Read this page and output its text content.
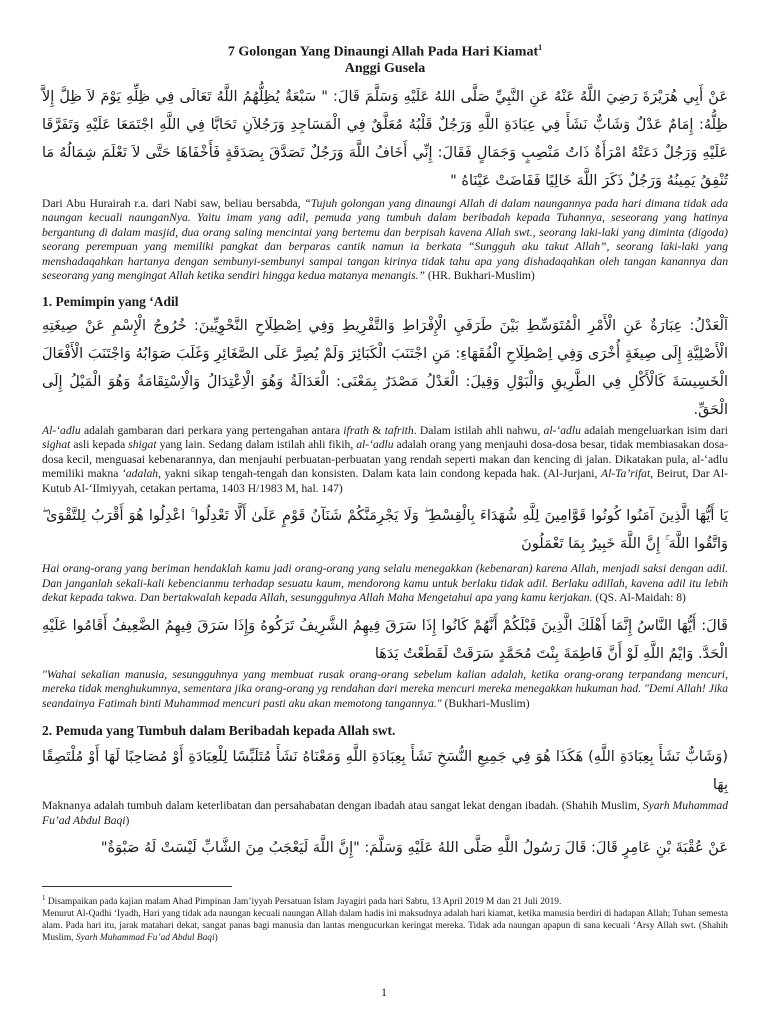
7 Golongan Yang Dinaungi Allah Pada Hari Kiamat$^1$
Anggi Gusela

عَنْ أَبِي هُرَيْرَةَ رَضِيَ اللَّهُ عَنْهُ عَنِ النَّبِيِّ صَلَّى اللهُ عَلَيْهِ وَسَلَّمَ قَالَ: " سَبْعَةٌ يُظِلُّهُمُ اللَّهُ تَعَالَى فِي ظِلِّهِ يَوْمَ لاَ ظِلَّ إِلاَّ ظِلُّهُ: إِمَامٌ عَدْلٌ وَشَابٌّ نَشَأَ فِي عِبَادَةِ اللَّهِ وَرَجُلٌ قَلْبُهُ مُعَلَّقٌ فِي الْمَسَاجِدِ وَرَجُلاَنِ تَحَابَّا فِي اللَّهِ اجْتَمَعَا عَلَيْهِ وَتَفَرَّقَا عَلَيْهِ وَرَجُلٌ دَعَتْهُ امْرَأَةٌ ذَاتُ مَنْصِبٍ وَجَمَالٍ فَقَالَ: إِنِّي أَخَافُ اللَّهَ وَرَجُلٌ تَصَدَّقَ بِصَدَقَةٍ فَأَخْفَاهَا حَتَّى لاَ تَعْلَمَ شِمَالُهُ مَا تُنْفِقُ يَمِينُهُ وَرَجُلٌ ذَكَرَ اللَّهَ خَالِيًا فَفَاضَتْ عَيْنَاهُ "

Dari Abu Hurairah r.a. dari Nabi saw, beliau bersabda, “Tujuh golongan yang dinaungi Allah di dalam naungannya pada hari dimana tidak ada naungan kecuali naunganNya. Yaitu imam yang adil, pemuda yang tumbuh dalam beribadah kepada Tuhannya, seseorang yang hatinya bergantung di dalam masjid, dua orang saling mencintai yang bertemu dan berpisah kavena Allah swt., seorang laki-laki yang diminta (digoda) seorang perempuan yang memiliki pangkat dan berparas cantik namun ia berkata “Sungguh aku takut Allah”, seorang laki-laki yang menshadaqahkan hartanya dengan sembunyi-sembunyi sampai tangan kirinya tidak tahu apa yang dishadaqahkan oleh tangan kanannya dan seseorang yang mengingat Allah ketika sendiri hingga kedua matanya menangis.” (HR. Bukhari-Muslim)

1. Pemimpin yang ‘Adil

اَلْعَدْلُ: عِبَارَةٌ عَنِ الْأَمْرِ الْمُتَوَسِّطِ بَيْنَ طَرَفَيِ الْإِفْرَاطِ وَالتَّفْرِيطِ وَفِي اِصْطِلَاحِ النَّحْوِيِّينَ: خُرُوجُ الْإِسْمِ عَنْ صِيغَتِهِ الْأَصْلِيَّةِ إِلَى صِيغَةٍ أُخْرَى وَفِي اِصْطِلَاحِ الْفُقَهَاءِ: مَنِ اجْتَنَبَ الْكَبَائِرَ وَلَمْ يُصِرَّ عَلَى الصَّغَائِرِ وَغَلَبَ صَوَابُهُ وَاجْتَنَبَ الْأَفْعَالَ الْخَسِيسَةَ كَالْأَكْلِ فِي الطَّرِيقِ وَالْبَوْلِ وَقِيلَ: الْعَدْلُ مَصْدَرٌ بِمَعْنَى: الْعَدَالَةُ وَهُوَ الْاِعْتِدَالُ وَالْاِسْتِقَامَةُ وَهُوَ الْمَيْلُ إِلَى الْحَقِّ.

Al-‘adlu adalah gambaran dari perkara yang pertengahan antara ifrath & tafrith. Dalam istilah ahli nahwu, al-‘adlu adalah mengeluarkan isim dari sighat asli kepada shigat yang lain. Sedang dalam istilah ahli fikih, al-‘adlu adalah orang yang menjauhi dosa-dosa besar, tidak membiasakan dosa-dosa kecil, menguasai kebenarannya, dan menjauhi perbuatan-perbuatan yang rendah seperti makan dan kencing di jalan. Dikatakan pula, al-‘adlu memiliki makna ‘adalah, yakni sikap tengah-tengah dan konsisten. Dalam kata lain condong kepada hak. (Al-Jurjani, Al-Ta’rifat, Beirut, Dar Al-Kutub Al-‘Ilmiyyah, cetakan pertama, 1403 H/1983 M, hal. 147)

يَا أَيُّهَا الَّذِينَ آمَنُوا كُونُوا قَوَّامِينَ لِلَّهِ شُهَدَاءَ بِالْقِسْطِ ۖ وَلَا يَجْرِمَنَّكُمْ شَنَآنُ قَوْمٍ عَلَىٰ أَلَّا تَعْدِلُوا ۚ اعْدِلُوا هُوَ أَقْرَبُ لِلتَّقْوَىٰ ۖ وَاتَّقُوا اللَّهَ ۚ إِنَّ اللَّهَ خَبِيرٌ بِمَا تَعْمَلُونَ

Hai orang-orang yang beriman hendaklah kamu jadi orang-orang yang selalu menegakkan (kebenaran) karena Allah, menjadi saksi dengan adil. Dan janganlah sekali-kali kebencianmu terhadap sesuatu kaum, mendorong kamu untuk berlaku tidak adil. Berlaku adillah, kavena adil itu lebih dekat kepada takwa. Dan bertakwalah kepada Allah, sesungguhnya Allah Maha Mengetahui apa yang kamu kerjakan. (QS. Al-Maidah: 8)

قَالَ: أَيُّهَا النَّاسُ إِنَّمَا أَهْلَكَ الَّذِينَ قَبْلَكُمْ أَنَّهُمْ كَانُوا إِذَا سَرَقَ فِيهِمُ الشَّرِيفُ تَرَكُوهُ وَإِذَا سَرَقَ فِيهِمُ الضَّعِيفُ أَقَامُوا عَلَيْهِ الْحَدَّ. وَايْمُ اللَّهِ لَوْ أَنَّ فَاطِمَةَ بِنْتَ مُحَمَّدٍ سَرَقَتْ لَقَطَعْتُ يَدَهَا

"Wahai sekalian manusia, sesungguhnya yang membuat rusak orang-orang sebelum kalian adalah, ketika orang-orang terpandang mencuri, mereka tidak menghukumnya, sementara jika orang-orang yg rendahan dari mereka mencuri mereka menegakkan hukuman had. "Demi Allah! Jika seandainya Fatimah binti Muhammad mencuri pasti aku akan memotong tangannya." (Bukhari-Muslim)

2. Pemuda yang Tumbuh dalam Beribadah kepada Allah swt.

(وَشَابٌّ نَشَأَ بِعِبَادَةِ اللَّهِ) هَكَذَا هُوَ فِي جَمِيعِ النُّسَخِ نَشَأَ بِعِبَادَةِ اللَّهِ وَمَعْنَاهُ نَشَأَ مُتَلَبِّسًا لِلْعِبَادَةِ أَوْ مُصَاحِبًا لَهَا أَوْ مُلْتَصِقًا بِهَا

Maknanya adalah tumbuh dalam keterlibatan dan persahabatan dengan ibadah atau sangat lekat dengan ibadah. (Shahih Muslim, Syarh Muhammad Fu’ad Abdul Baqi)

عَنْ عُقْبَةَ بْنِ عَامِرٍ قَالَ: قَالَ رَسُولُ اللَّهِ صَلَّى اللهُ عَلَيْهِ وَسَلَّمَ: "إِنَّ اللَّهَ لَيَعْجَبُ مِنَ الشَّابِّ لَيْسَتْ لَهُ صَبْوَةٌ"

$^1$ Disampaikan pada kajian malam Ahad Pimpinan Jam’iyyah Persatuan Islam Jayagiri pada hari Sabtu, 13 April 2019 M dan 21 Juli 2019.
Menurut Al-Qadhi ‘Iyadh, Hari yang tidak ada naungan kecuali naungan Allah dalam hadis ini maksudnya adalah hari kiamat, ketika manusia berdiri di hadapan Allah; Tuhan semesta alam. Pada hari itu, jarak matahari dekat, sangat panas bagi manusia dan lantas mengucurkan keringat mereka. Tidak ada naungan apapun di sana kecuali ‘Arsy Allah swt. (Shahih Muslim, Syarh Muhammad Fu’ad Abdul Baqi)
1
